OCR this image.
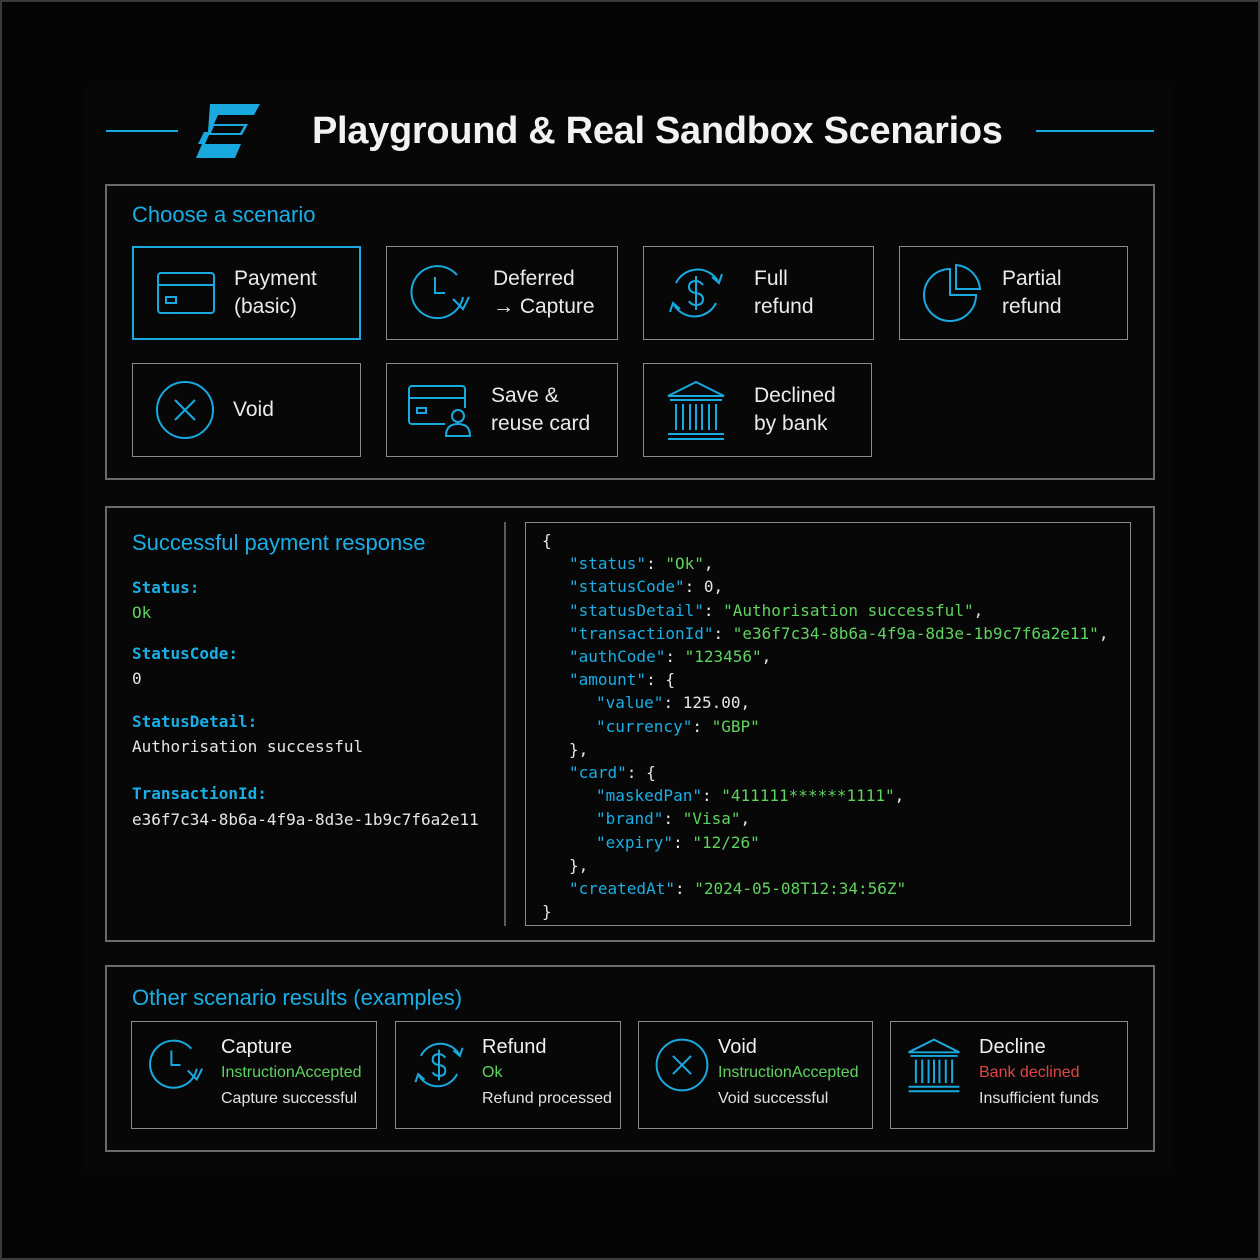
Playground & Real Sandbox Scenarios
Choose a scenario
Payment
(basic)
Deferred
→ Capture
Full
refund
Partial
refund
Void
Save &
reuse card
Declined
by bank
Successful payment response
Status:
Ok
StatusCode:
0
StatusDetail:
Authorisation successful
TransactionId:
e36f7c34-8b6a-4f9a-8d3e-1b9c7f6a2e11
{
"status": "Ok",
"statusCode": 0,
"statusDetail": "Authorisation successful",
"transactionId": "e36f7c34-8b6a-4f9a-8d3e-1b9c7f6a2e11",
"authCode": "123456",
"amount": {
"value": 125.00,
"currency": "GBP"
},
"card": {
"maskedPan": "411111******1111",
"brand": "Visa",
"expiry": "12/26"
},
"createdAt": "2024-05-08T12:34:56Z"
}
Other scenario results (examples)
Capture
InstructionAccepted
Capture successful
Refund
Ok
Refund processed
Void
InstructionAccepted
Void successful
Decline
Bank declined
Insufficient funds
